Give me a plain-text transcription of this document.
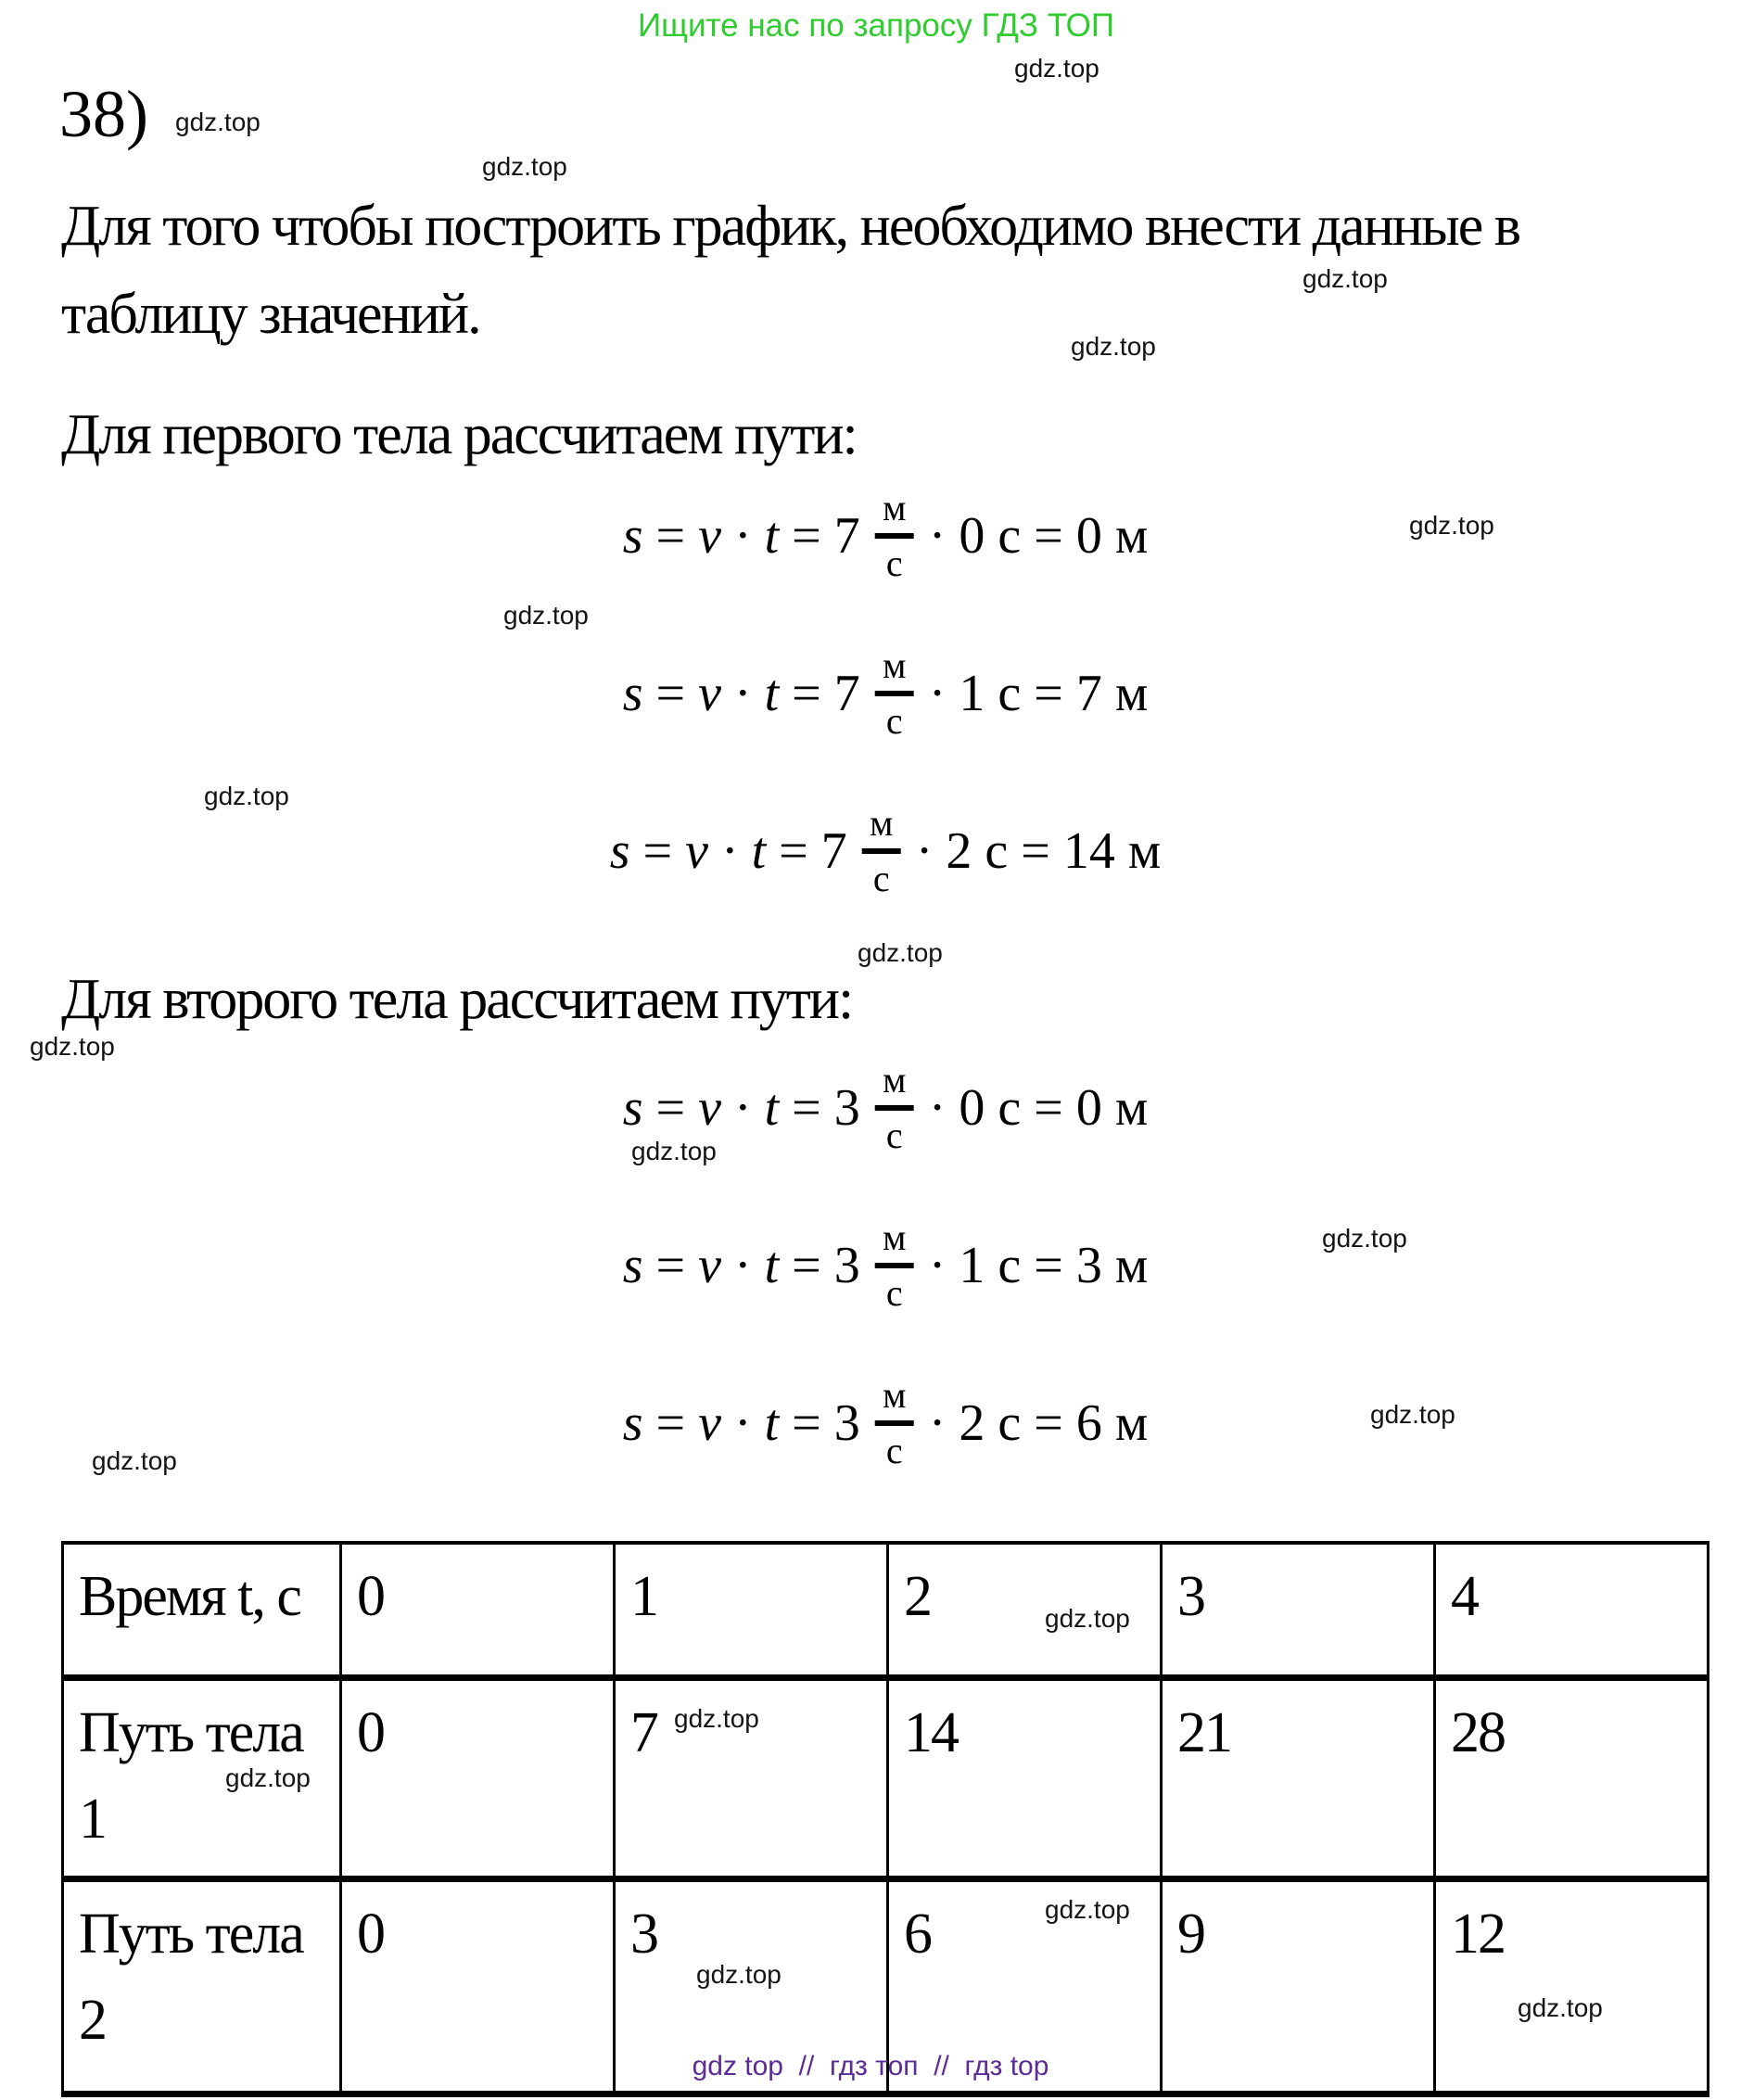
Ищите нас по запросу ГДЗ ТОП
38)
Для того чтобы построить график, необходимо внести данные в
таблицу значений.
Для первого тела рассчитаем пути:
s = v · t = 7 м
с · 0 с = 0 м
s = v · t = 7 м
с · 1 с = 7 м
s = v · t = 7 м
с · 2 с = 14 м
Для второго тела рассчитаем пути:
s = v · t = 3 м
с · 0 с = 0 м
s = v · t = 3 м
с · 1 с = 3 м
s = v · t = 3 м
с · 2 с = 6 м
Время t, с	0	1	2	3	4
Путь тела 1	0	7	14	21	28
Путь тела 2	0	3	6	9	12
gdz top  //  гдз топ  //  гдз top
gdz.top
gdz.top
gdz.top
gdz.top
gdz.top
gdz.top
gdz.top
gdz.top
gdz.top
gdz.top
gdz.top
gdz.top
gdz.top
gdz.top
gdz.top
gdz.top
gdz.top
gdz.top
gdz.top
gdz.top
